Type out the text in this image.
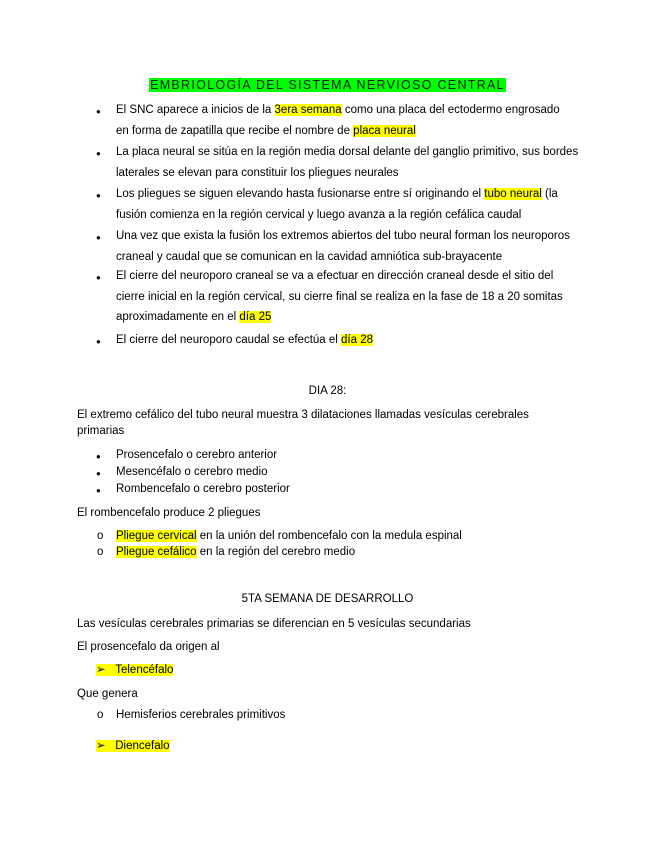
EMBRIOLOGÍA DEL SISTEMA NERVIOSO CENTRAL
● El SNC aparece a inicios de la 3era semana como una placa del ectodermo engrosado
en forma de zapatilla que recibe el nombre de placa neural
● La placa neural se sitúa en la región media dorsal delante del ganglio primitivo, sus bordes
laterales se elevan para constituir los pliegues neurales
● Los pliegues se siguen elevando hasta fusionarse entre sí originando el tubo neural (la
fusión comienza en la región cervical y luego avanza a la región cefálica caudal
● Una vez que exista la fusión los extremos abiertos del tubo neural forman los neuroporos
craneal y caudal que se comunican en la cavidad amniótica sub-brayacente
● El cierre del neuroporo craneal se va a efectuar en dirección craneal desde el sitio del
cierre inicial en la región cervical, su cierre final se realiza en la fase de 18 a 20 somitas
aproximadamente en el día 25
● El cierre del neuroporo caudal se efectúa el día 28
DIA 28:
El extremo cefálico del tubo neural muestra 3 dilataciones llamadas vesículas cerebrales
primarias
● Prosencefalo o cerebro anterior
● Mesencéfalo o cerebro medio
● Rombencefalo o cerebro posterior
El rombencefalo produce 2 pliegues
o Pliegue cervical en la unión del rombencefalo con la medula espinal
o Pliegue cefálico en la región del cerebro medio
5TA SEMANA DE DESARROLLO
Las vesículas cerebrales primarias se diferencian en 5 vesículas secundarias
El prosencefalo da origen al
➢ Telencéfalo
Que genera
o Hemisferios cerebrales primitivos
➢ Diencefalo
